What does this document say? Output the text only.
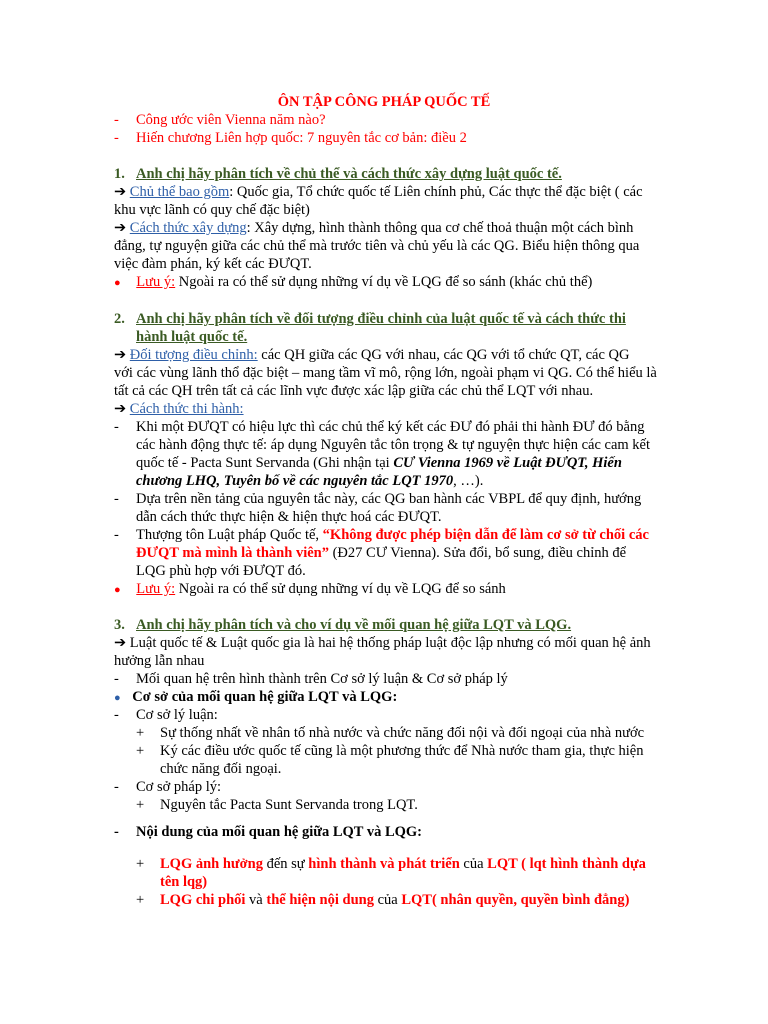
ÔN TẬP CÔNG PHÁP QUỐC TẾ
- Công ước viên Vienna năm nào?
- Hiến chương Liên hợp quốc: 7 nguyên tắc cơ bản: điều 2
1. Anh chị hãy phân tích về chủ thể và cách thức xây dựng luật quốc tế.
➔ Chủ thể bao gồm: Quốc gia, Tổ chức quốc tế Liên chính phủ, Các thực thể đặc biệt ( các
khu vực lãnh có quy chế đặc biệt)
➔ Cách thức xây dựng: Xây dựng, hình thành thông qua cơ chế thoả thuận một cách bình
đẳng, tự nguyện giữa các chủ thể mà trước tiên và chủ yếu là các QG. Biểu hiện thông qua
việc đàm phán, ký kết các ĐƯQT.
● Lưu ý: Ngoài ra có thể sử dụng những ví dụ về LQG để so sánh (khác chủ thể)
2. Anh chị hãy phân tích về đối tượng điều chỉnh của luật quốc tế và cách thức thi
hành luật quốc tế.
➔ Đối tượng điều chỉnh: các QH giữa các QG với nhau, các QG với tổ chức QT, các QG
với các vùng lãnh thổ đặc biệt – mang tầm vĩ mô, rộng lớn, ngoài phạm vi QG. Có thể hiểu là
tất cả các QH trên tất cả các lĩnh vực được xác lập giữa các chủ thể LQT với nhau.
➔ Cách thức thi hành:
- Khi một ĐƯQT có hiệu lực thì các chủ thể ký kết các ĐƯ đó phải thi hành ĐƯ đó bằng
các hành động thực tế: áp dụng Nguyên tắc tôn trọng & tự nguyện thực hiện các cam kết
quốc tế - Pacta Sunt Servanda (Ghi nhận tại CƯ Vienna 1969 về Luật ĐƯQT, Hiến
chương LHQ, Tuyên bố về các nguyên tắc LQT 1970, …).
- Dựa trên nền tảng của nguyên tắc này, các QG ban hành các VBPL để quy định, hướng
dẫn cách thức thực hiện & hiện thực hoá các ĐƯQT.
- Thượng tôn Luật pháp Quốc tế, “Không được phép biện dẫn để làm cơ sở từ chối các
ĐƯQT mà mình là thành viên” (Đ27 CƯ Vienna). Sửa đổi, bổ sung, điều chỉnh để
LQG phù hợp với ĐƯQT đó.
● Lưu ý: Ngoài ra có thể sử dụng những ví dụ về LQG để so sánh
3. Anh chị hãy phân tích và cho ví dụ về mối quan hệ giữa LQT và LQG.
➔ Luật quốc tế & Luật quốc gia là hai hệ thống pháp luật độc lập nhưng có mối quan hệ ảnh
hưởng lẫn nhau
- Mối quan hệ trên hình thành trên Cơ sở lý luận & Cơ sở pháp lý
● Cơ sở của mối quan hệ giữa LQT và LQG:
- Cơ sở lý luận:
+ Sự thống nhất về nhân tố nhà nước và chức năng đối nội và đối ngoại của nhà nước
+ Ký các điều ước quốc tế cũng là một phương thức để Nhà nước tham gia, thực hiện
chức năng đối ngoại.
- Cơ sở pháp lý:
+ Nguyên tắc Pacta Sunt Servanda trong LQT.
- Nội dung của mối quan hệ giữa LQT và LQG:
+ LQG ảnh hưởng đến sự hình thành và phát triển của LQT ( lqt hình thành dựa
tên lqg)
+ LQG chi phối và thể hiện nội dung của LQT( nhân quyền, quyền bình đẳng)
